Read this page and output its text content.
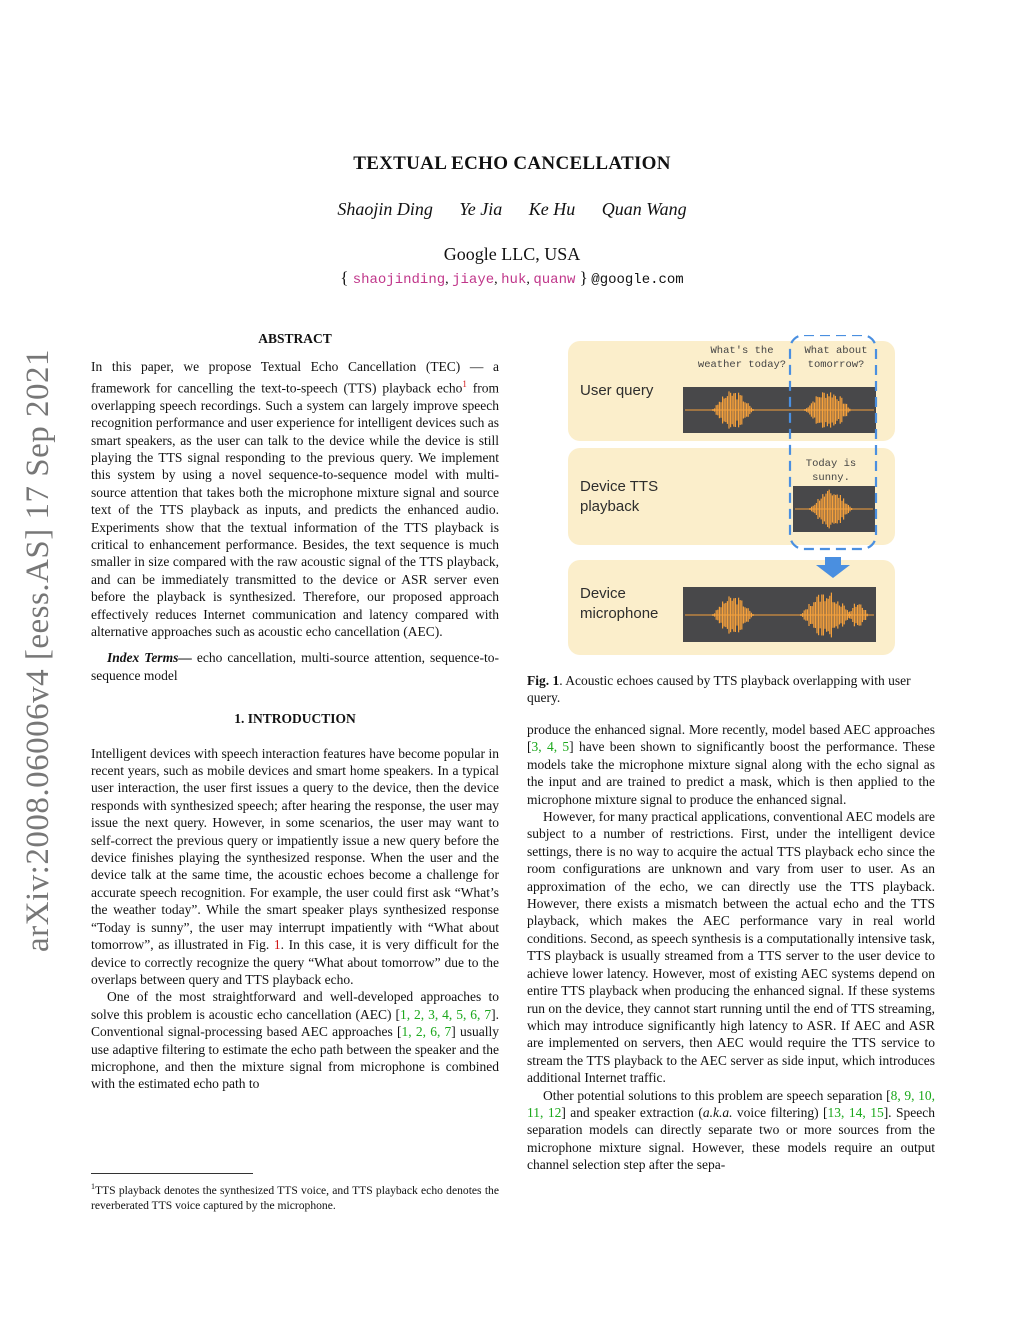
arXiv:2008.06006v4 [eess.AS] 17 Sep 2021
TEXTUAL ECHO CANCELLATION
Shaojin Ding Ye Jia Ke Hu Quan Wang
Google LLC, USA
{ shaojinding, jiaye, huk, quanw } @google.com

ABSTRACT

In this paper, we propose Textual Echo Cancellation (TEC) — a framework for cancelling the text-to-speech (TTS) playback echo$^1$ from overlapping speech recordings. Such a system can largely improve speech recognition performance and user experience for intelligent devices such as smart speakers, as the user can talk to the device while the device is still playing the TTS signal responding to the previous query. We implement this system by using a novel sequence-to-sequence model with multi-source attention that takes both the microphone mixture signal and source text of the TTS playback as inputs, and predicts the enhanced audio. Experiments show that the textual information of the TTS playback is critical to enhancement performance. Besides, the text sequence is much smaller in size compared with the raw acoustic signal of the TTS playback, and can be immediately transmitted to the device or ASR server even before the playback is synthesized. Therefore, our proposed approach effectively reduces Internet communication and latency compared with alternative approaches such as acoustic echo cancellation (AEC).

Index Terms— echo cancellation, multi-source attention, sequence-to-sequence model

1. INTRODUCTION

Intelligent devices with speech interaction features have become popular in recent years, such as mobile devices and smart home speakers. In a typical user interaction, the user first issues a query to the device, then the device responds with synthesized speech; after hearing the response, the user may issue the next query. However, in some scenarios, the user may want to self-correct the previous query or impatiently issue a new query before the device finishes playing the synthesized response. When the user and the device talk at the same time, the acoustic echoes become a challenge for accurate speech recognition. For example, the user could first ask “What’s the weather today”. While the smart speaker plays synthesized response “Today is sunny”, the user may interrupt impatiently with “What about tomorrow”, as illustrated in Fig. 1. In this case, it is very difficult for the device to correctly recognize the query “What about tomorrow” due to the overlaps between query and TTS playback echo.

One of the most straightforward and well-developed approaches to solve this problem is acoustic echo cancellation (AEC) [1, 2, 3, 4, 5, 6, 7]. Conventional signal-processing based AEC approaches [1, 2, 6, 7] usually use adaptive filtering to estimate the echo path between the speaker and the microphone, and then the mixture signal from microphone is combined with the estimated echo path to

$^1$TTS playback denotes the synthesized TTS voice, and TTS playback echo denotes the reverberated TTS voice captured by the microphone.
User query
Device TTS playback
Device microphone
What's the weather today?
What about tomorrow?
Today is sunny.
Fig. 1. Acoustic echoes caused by TTS playback overlapping with user query.

produce the enhanced signal. More recently, model based AEC approaches [3, 4, 5] have been shown to significantly boost the performance. These models take the microphone mixture signal along with the echo signal as the input and are trained to predict a mask, which is then applied to the microphone mixture signal to produce the enhanced signal.

However, for many practical applications, conventional AEC models are subject to a number of restrictions. First, under the intelligent device settings, there is no way to acquire the actual TTS playback echo since the room configurations are unknown and vary from user to user. As an approximation of the echo, we can directly use the TTS playback. However, there exists a mismatch between the actual echo and the TTS playback, which makes the AEC performance vary in real world conditions. Second, as speech synthesis is a computationally intensive task, TTS playback is usually streamed from a TTS server to the user device to achieve lower latency. However, most of existing AEC systems depend on entire TTS playback when producing the enhanced signal. If these systems run on the device, they cannot start running until the end of TTS streaming, which may introduce significantly high latency to ASR. If AEC and ASR are implemented on servers, then AEC would require the TTS service to stream the TTS playback to the AEC server as side input, which introduces additional Internet traffic.

Other potential solutions to this problem are speech separation [8, 9, 10, 11, 12] and speaker extraction (a.k.a. voice filtering) [13, 14, 15]. Speech separation models can directly separate two or more sources from the microphone mixture signal. However, these models require an output channel selection step after the sepa-
